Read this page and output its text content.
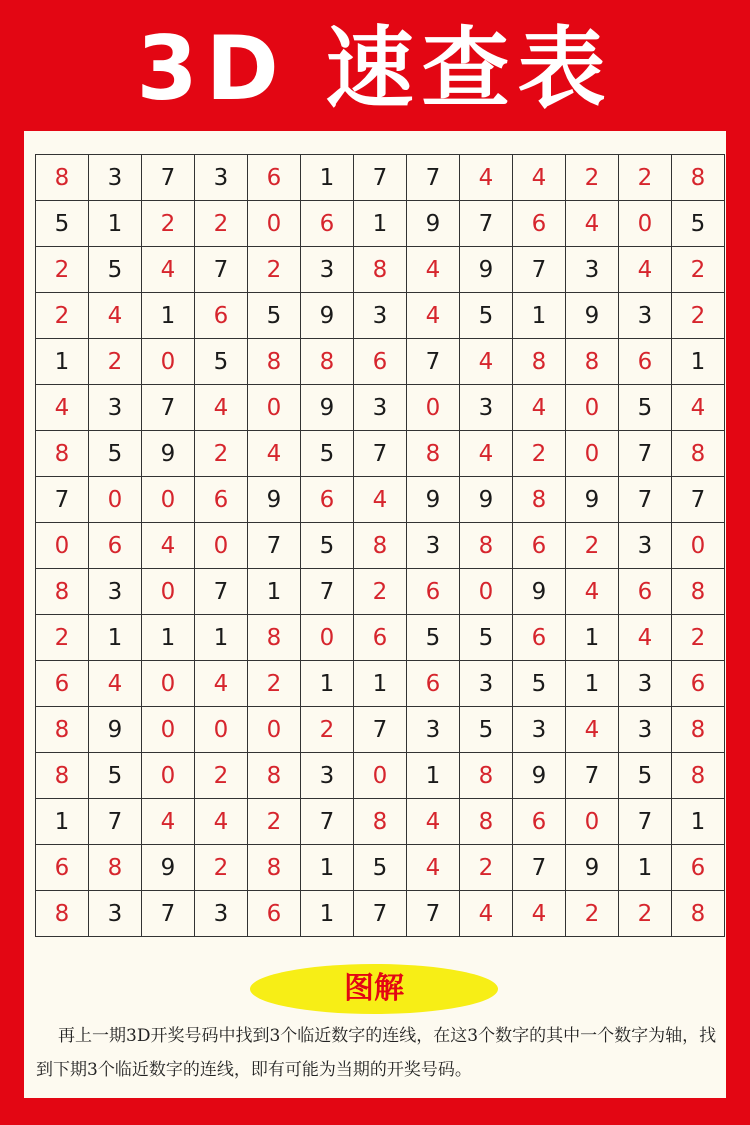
3D 速查表
8	3	7	3	6	1	7	7	4	4	2	2	8
5	1	2	2	0	6	1	9	7	6	4	0	5
2	5	4	7	2	3	8	4	9	7	3	4	2
2	4	1	6	5	9	3	4	5	1	9	3	2
1	2	0	5	8	8	6	7	4	8	8	6	1
4	3	7	4	0	9	3	0	3	4	0	5	4
8	5	9	2	4	5	7	8	4	2	0	7	8
7	0	0	6	9	6	4	9	9	8	9	7	7
0	6	4	0	7	5	8	3	8	6	2	3	0
8	3	0	7	1	7	2	6	0	9	4	6	8
2	1	1	1	8	0	6	5	5	6	1	4	2
6	4	0	4	2	1	1	6	3	5	1	3	6
8	9	0	0	0	2	7	3	5	3	4	3	8
8	5	0	2	8	3	0	1	8	9	7	5	8
1	7	4	4	2	7	8	4	8	6	0	7	1
6	8	9	2	8	1	5	4	2	7	9	1	6
8	3	7	3	6	1	7	7	4	4	2	2	8
图解
再上一期3D开奖号码中找到3个临近数字的连线，在这3个数字的其中一个数字为轴，找到下期3个临近数字的连线，即有可能为当期的开奖号码。
